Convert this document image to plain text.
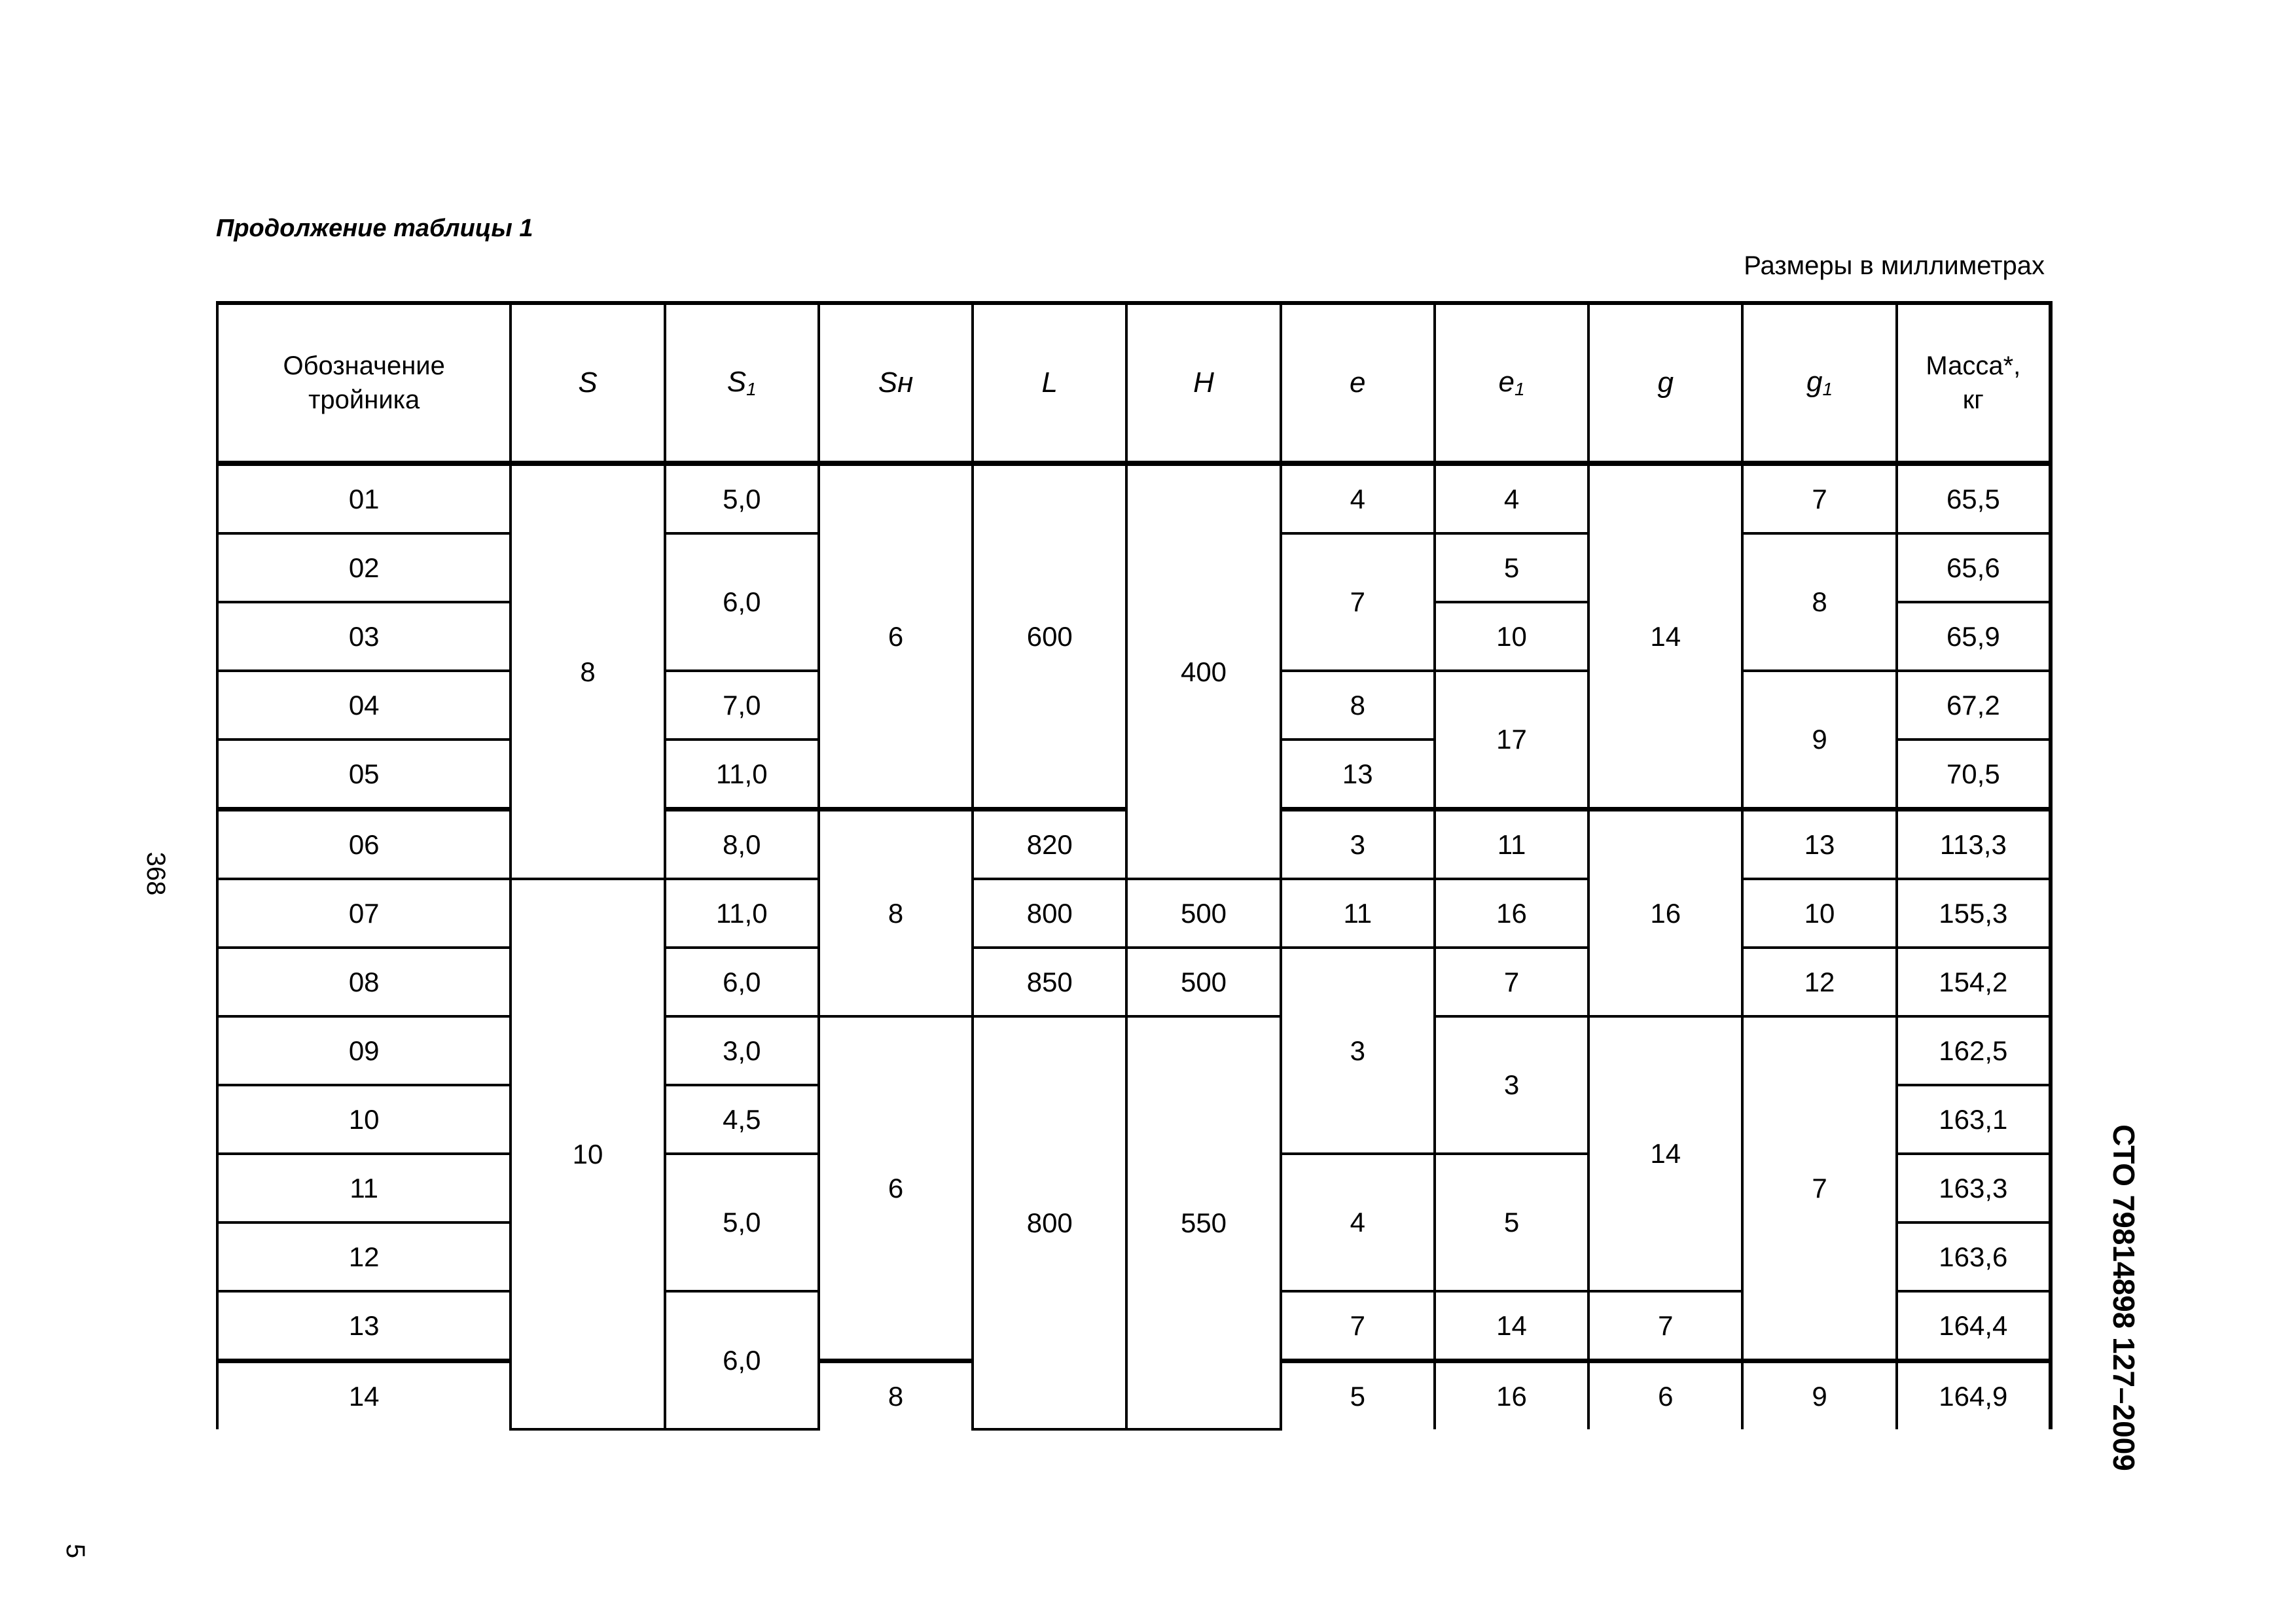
Продолжение таблицы 1
Размеры в миллиметрах
368
5
СТО 79814898 127–2009
Обозначение тройника	S	$S_1$	Sн	L	H	e	$e_1$	g	$g_1$	Масса*, кг
01	8	5,0	6	600	400	4	4	14	7	65,5
02		6,0				7	5		8	65,6
03							10			65,9
04		7,0				8	17		9	67,2
05		11,0				13				70,5
06		8,0	8	820		3	11	16	13	113,3
07	10	11,0		800	500	11	16		10	155,3
08		6,0		850	500	3	7		12	154,2
09		3,0	6	800	550		3	14	7	162,5
10		4,5								163,1
11		5,0				4	5			163,3
12										163,6
13		6,0				7	14	7		164,4
14			8			5	16	6	9	164,9
